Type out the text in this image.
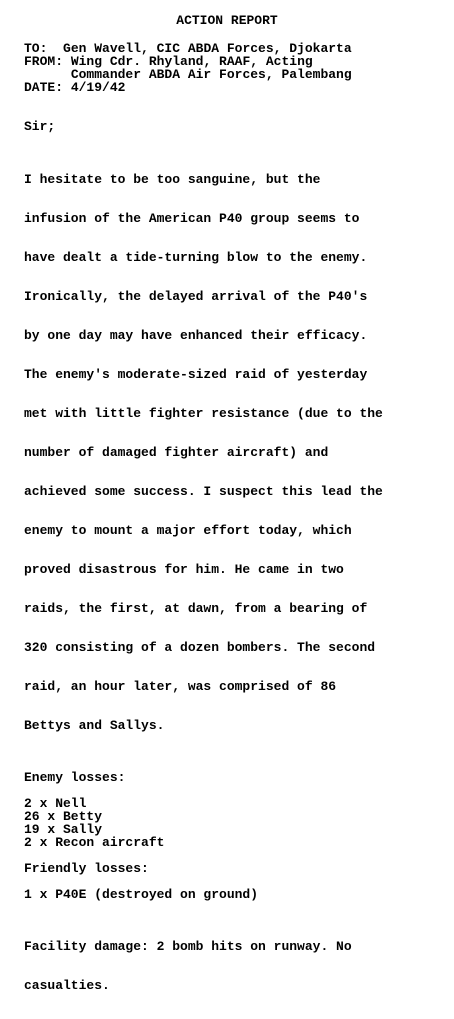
ACTION REPORT
TO: Gen Wavell, CIC ABDA Forces, Djokarta
FROM: Wing Cdr. Rhyland, RAAF, Acting
Commander ABDA Air Forces, Palembang
DATE: 4/19/42
Sir;

I hesitate to be too sanguine, but the

infusion of the American P40 group seems to

have dealt a tide-turning blow to the enemy.

Ironically, the delayed arrival of the P40's

by one day may have enhanced their efficacy.

The enemy's moderate-sized raid of yesterday

met with little fighter resistance (due to the

number of damaged fighter aircraft) and

achieved some success. I suspect this lead the

enemy to mount a major effort today, which

proved disastrous for him. He came in two

raids, the first, at dawn, from a bearing of

320 consisting of a dozen bombers. The second

raid, an hour later, was comprised of 86

Bettys and Sallys.

Enemy losses:
2 x Nell
26 x Betty
19 x Sally
2 x Recon aircraft
Friendly losses:
1 x P40E (destroyed on ground)

Facility damage: 2 bomb hits on runway. No

casualties.
